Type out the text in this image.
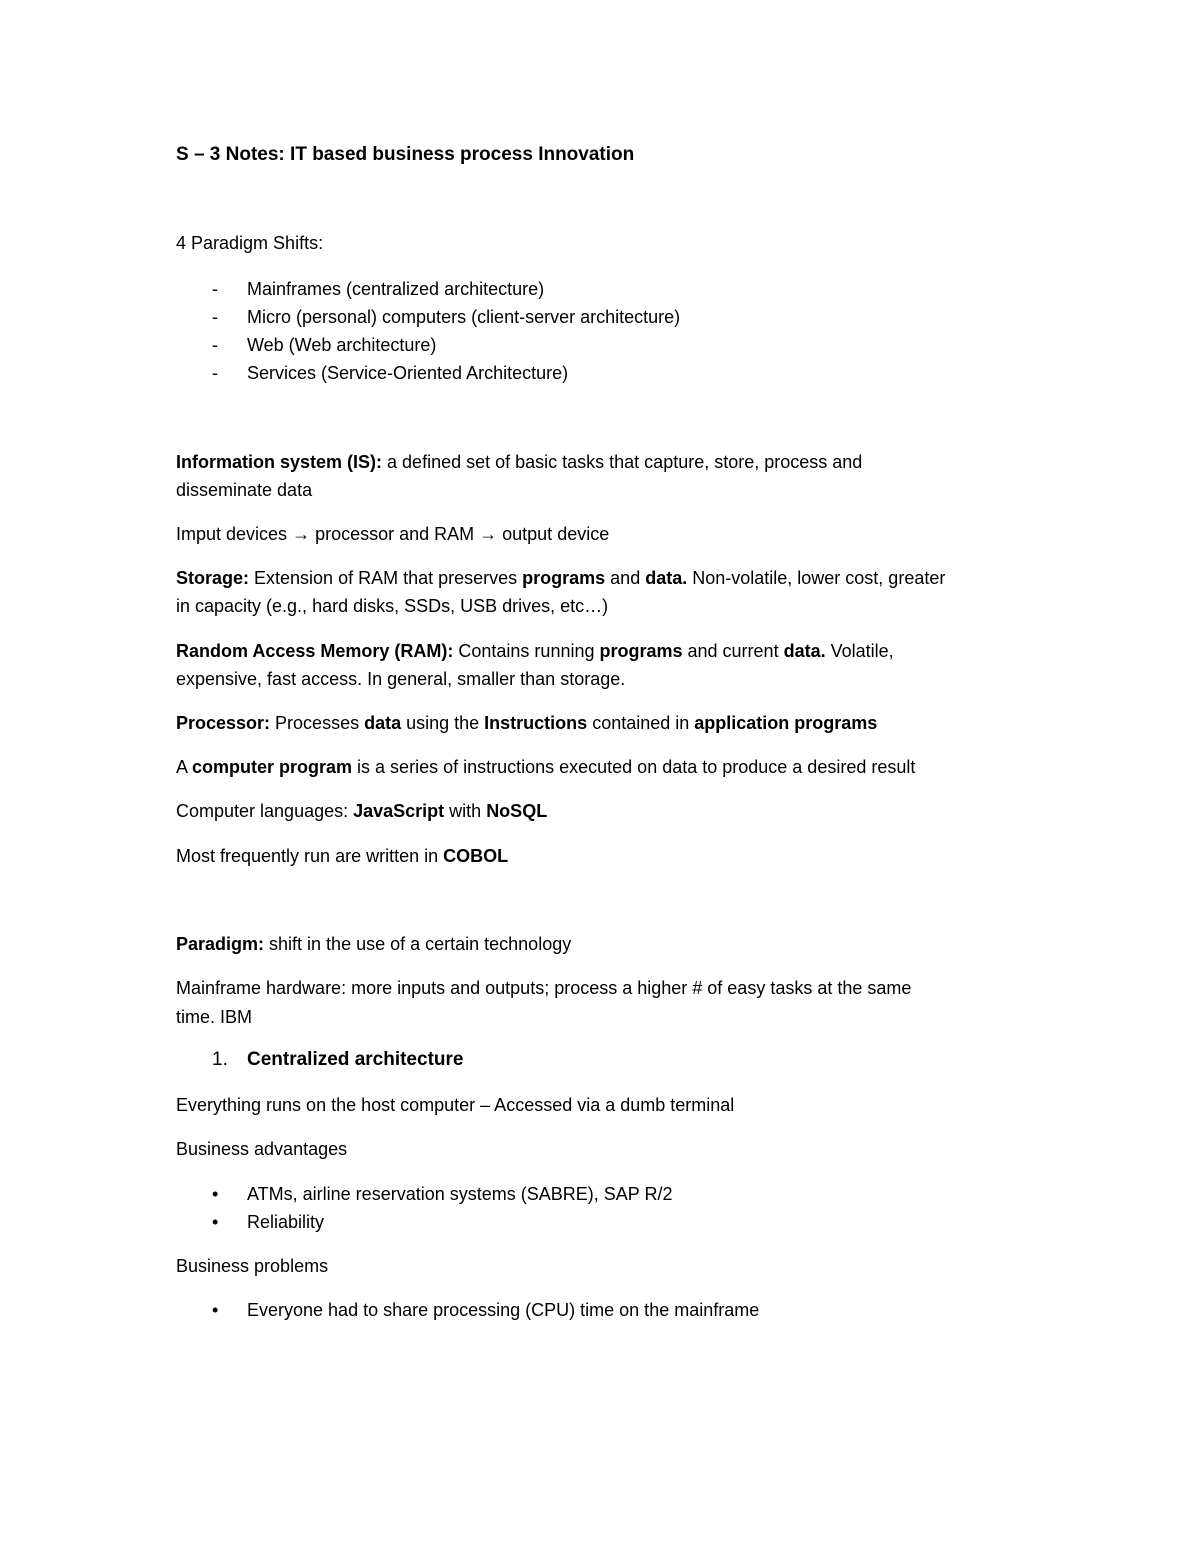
S – 3 Notes: IT based business process Innovation
4 Paradigm Shifts:
- Mainframes (centralized architecture)
- Micro (personal) computers (client-server architecture)
- Web (Web architecture)
- Services (Service-Oriented Architecture)
Information system (IS): a defined set of basic tasks that capture, store, process and
disseminate data
Imput devices → processor and RAM → output device
Storage: Extension of RAM that preserves programs and data. Non-volatile, lower cost, greater
in capacity (e.g., hard disks, SSDs, USB drives, etc…)
Random Access Memory (RAM): Contains running programs and current data. Volatile,
expensive, fast access. In general, smaller than storage.
Processor: Processes data using the Instructions contained in application programs
A computer program is a series of instructions executed on data to produce a desired result
Computer languages: JavaScript with NoSQL
Most frequently run are written in COBOL
Paradigm: shift in the use of a certain technology
Mainframe hardware: more inputs and outputs; process a higher # of easy tasks at the same
time. IBM
1. Centralized architecture
Everything runs on the host computer – Accessed via a dumb terminal
Business advantages
• ATMs, airline reservation systems (SABRE), SAP R/2
• Reliability
Business problems
• Everyone had to share processing (CPU) time on the mainframe
